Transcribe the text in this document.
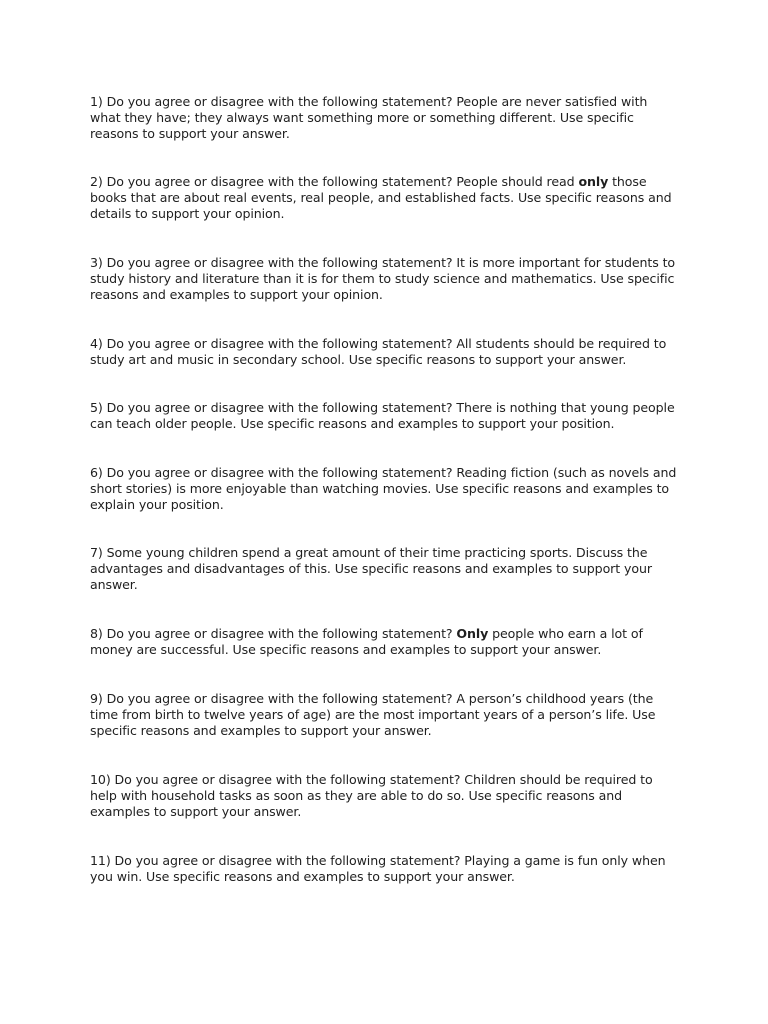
1) Do you agree or disagree with the following statement? People are never satisfied with what they have; they always want something more or something different. Use specific reasons to support your answer.

2) Do you agree or disagree with the following statement? People should read only those books that are about real events, real people, and established facts. Use specific reasons and details to support your opinion.

3) Do you agree or disagree with the following statement? It is more important for students to study history and literature than it is for them to study science and mathematics. Use specific reasons and examples to support your opinion.

4) Do you agree or disagree with the following statement? All students should be required to study art and music in secondary school. Use specific reasons to support your answer.

5) Do you agree or disagree with the following statement? There is nothing that young people can teach older people. Use specific reasons and examples to support your position.

6) Do you agree or disagree with the following statement? Reading fiction (such as novels and short stories) is more enjoyable than watching movies. Use specific reasons and examples to explain your position.

7) Some young children spend a great amount of their time practicing sports. Discuss the advantages and disadvantages of this. Use specific reasons and examples to support your answer.

8) Do you agree or disagree with the following statement? Only people who earn a lot of money are successful. Use specific reasons and examples to support your answer.

9) Do you agree or disagree with the following statement? A person’s childhood years (the time from birth to twelve years of age) are the most important years of a person’s life. Use specific reasons and examples to support your answer.

10) Do you agree or disagree with the following statement? Children should be required to help with household tasks as soon as they are able to do so. Use specific reasons and examples to support your answer.

11) Do you agree or disagree with the following statement? Playing a game is fun only when you win. Use specific reasons and examples to support your answer.
